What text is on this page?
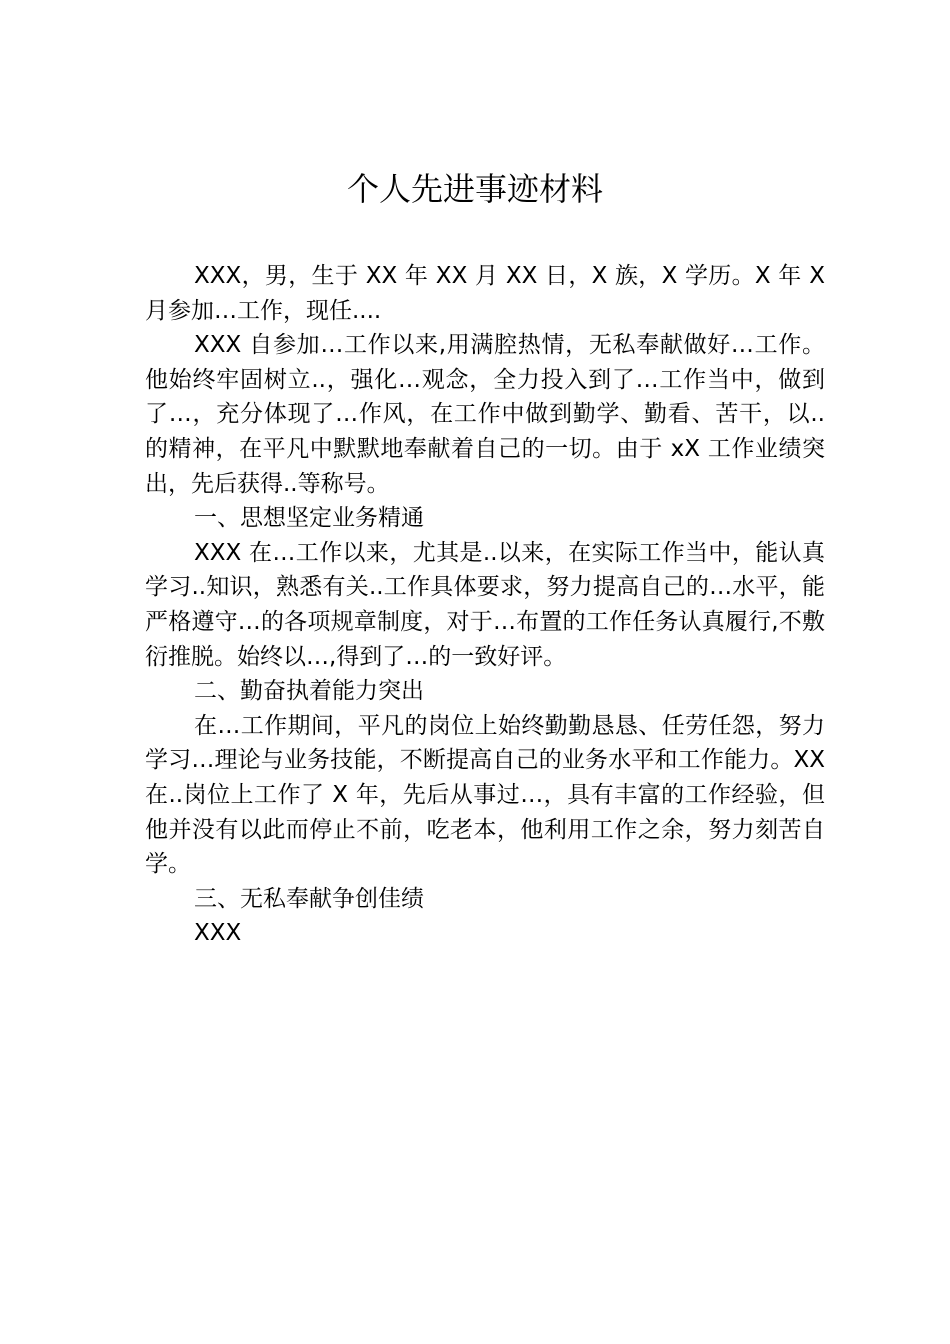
个人先进事迹材料

XXX，男，生于 XX 年 XX 月 XX 日，X 族，X 学历。X 年 X 月参加…工作，现任....

XXX 自参加…工作以来,用满腔热情，无私奉献做好…工作。他始终牢固树立..，强化…观念，全力投入到了…工作当中，做到了…，充分体现了…作风，在工作中做到勤学、勤看、苦干，以..的精神，在平凡中默默地奉献着自己的一切。由于 xX 工作业绩突出，先后获得..等称号。

一、思想坚定业务精通

XXX 在…工作以来，尤其是..以来，在实际工作当中，能认真学习..知识，熟悉有关..工作具体要求，努力提高自己的…水平，能严格遵守…的各项规章制度，对于…布置的工作任务认真履行,不敷衍推脱。始终以…,得到了…的一致好评。

二、勤奋执着能力突出

在…工作期间，平凡的岗位上始终勤勤恳恳、任劳任怨，努力学习…理论与业务技能，不断提高自己的业务水平和工作能力。XX 在..岗位上工作了 X 年，先后从事过…，具有丰富的工作经验，但他并没有以此而停止不前，吃老本，他利用工作之余，努力刻苦自学。

三、无私奉献争创佳绩

XXX
